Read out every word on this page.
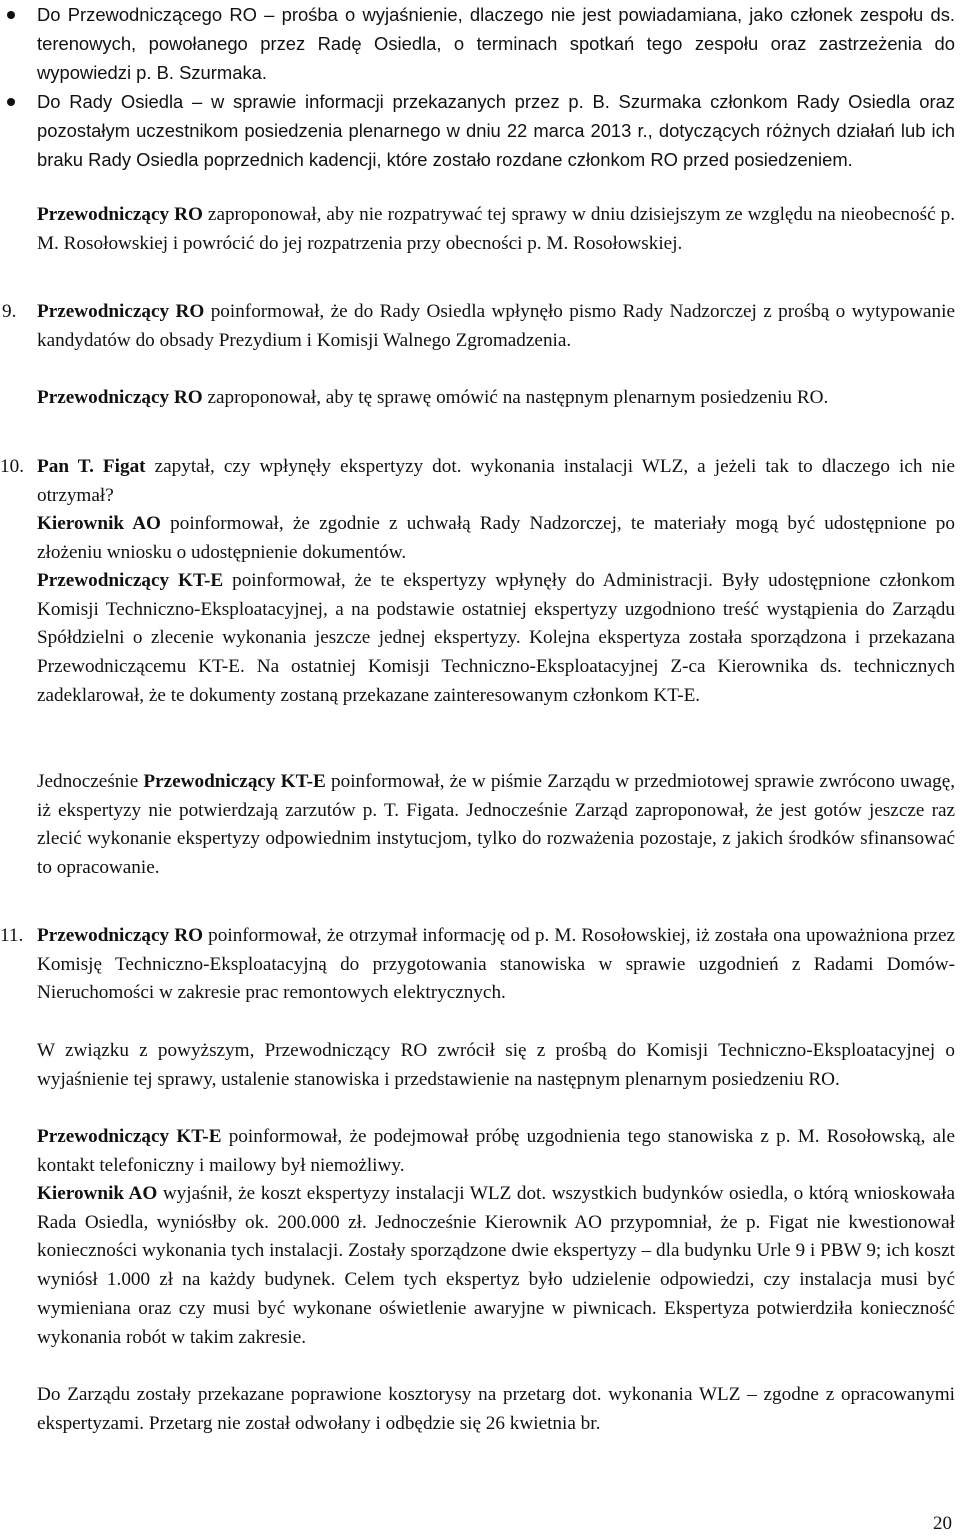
Do Przewodniczącego RO – prośba o wyjaśnienie, dlaczego nie jest powiadamiana, jako członek zespołu ds. terenowych, powołanego przez Radę Osiedla, o terminach spotkań tego zespołu oraz zastrzeżenia do wypowiedzi p. B. Szurmaka.

Do Rady Osiedla – w sprawie informacji przekazanych przez p. B. Szurmaka członkom Rady Osiedla oraz pozostałym uczestnikom posiedzenia plenarnego w dniu 22 marca 2013 r., dotyczących różnych działań lub ich braku Rady Osiedla poprzednich kadencji, które zostało rozdane członkom RO przed posiedzeniem.

Przewodniczący RO zaproponował, aby nie rozpatrywać tej sprawy w dniu dzisiejszym ze względu na nieobecność p. M. Rosołowskiej i powrócić do jej rozpatrzenia przy obecności p. M. Rosołowskiej.

9. Przewodniczący RO poinformował, że do Rady Osiedla wpłynęło pismo Rady Nadzorczej z prośbą o wytypowanie kandydatów do obsady Prezydium i Komisji Walnego Zgromadzenia.

Przewodniczący RO zaproponował, aby tę sprawę omówić na następnym plenarnym posiedzeniu RO.

10. Pan T. Figat zapytał, czy wpłynęły ekspertyzy dot. wykonania instalacji WLZ, a jeżeli tak to dlaczego ich nie otrzymał?

Kierownik AO poinformował, że zgodnie z uchwałą Rady Nadzorczej, te materiały mogą być udostępnione po złożeniu wniosku o udostępnienie dokumentów.

Przewodniczący KT-E poinformował, że te ekspertyzy wpłynęły do Administracji. Były udostępnione członkom Komisji Techniczno-Eksploatacyjnej, a na podstawie ostatniej ekspertyzy uzgodniono treść wystąpienia do Zarządu Spółdzielni o zlecenie wykonania jeszcze jednej ekspertyzy. Kolejna ekspertyza została sporządzona i przekazana Przewodniczącemu KT-E. Na ostatniej Komisji Techniczno-Eksploatacyjnej Z-ca Kierownika ds. technicznych zadeklarował, że te dokumenty zostaną przekazane zainteresowanym członkom KT-E.

Jednocześnie Przewodniczący KT-E poinformował, że w piśmie Zarządu w przedmiotowej sprawie zwrócono uwagę, iż ekspertyzy nie potwierdzają zarzutów p. T. Figata. Jednocześnie Zarząd zaproponował, że jest gotów jeszcze raz zlecić wykonanie ekspertyzy odpowiednim instytucjom, tylko do rozważenia pozostaje, z jakich środków sfinansować to opracowanie.

11. Przewodniczący RO poinformował, że otrzymał informację od p. M. Rosołowskiej, iż została ona upoważniona przez Komisję Techniczno-Eksploatacyjną do przygotowania stanowiska w sprawie uzgodnień z Radami Domów-Nieruchomości w zakresie prac remontowych elektrycznych.

W związku z powyższym, Przewodniczący RO zwrócił się z prośbą do Komisji Techniczno-Eksploatacyjnej o wyjaśnienie tej sprawy, ustalenie stanowiska i przedstawienie na następnym plenarnym posiedzeniu RO.

Przewodniczący KT-E poinformował, że podejmował próbę uzgodnienia tego stanowiska z p. M. Rosołowską, ale kontakt telefoniczny i mailowy był niemożliwy.

Kierownik AO wyjaśnił, że koszt ekspertyzy instalacji WLZ dot. wszystkich budynków osiedla, o którą wnioskowała Rada Osiedla, wyniósłby ok. 200.000 zł. Jednocześnie Kierownik AO przypomniał, że p. Figat nie kwestionował konieczności wykonania tych instalacji. Zostały sporządzone dwie ekspertyzy – dla budynku Urle 9 i PBW 9; ich koszt wyniósł 1.000 zł na każdy budynek. Celem tych ekspertyz było udzielenie odpowiedzi, czy instalacja musi być wymieniana oraz czy musi być wykonane oświetlenie awaryjne w piwnicach. Ekspertyza potwierdziła konieczność wykonania robót w takim zakresie.

Do Zarządu zostały przekazane poprawione kosztorysy na przetarg dot. wykonania WLZ – zgodne z opracowanymi ekspertyzami. Przetarg nie został odwołany i odbędzie się 26 kwietnia br.

20
